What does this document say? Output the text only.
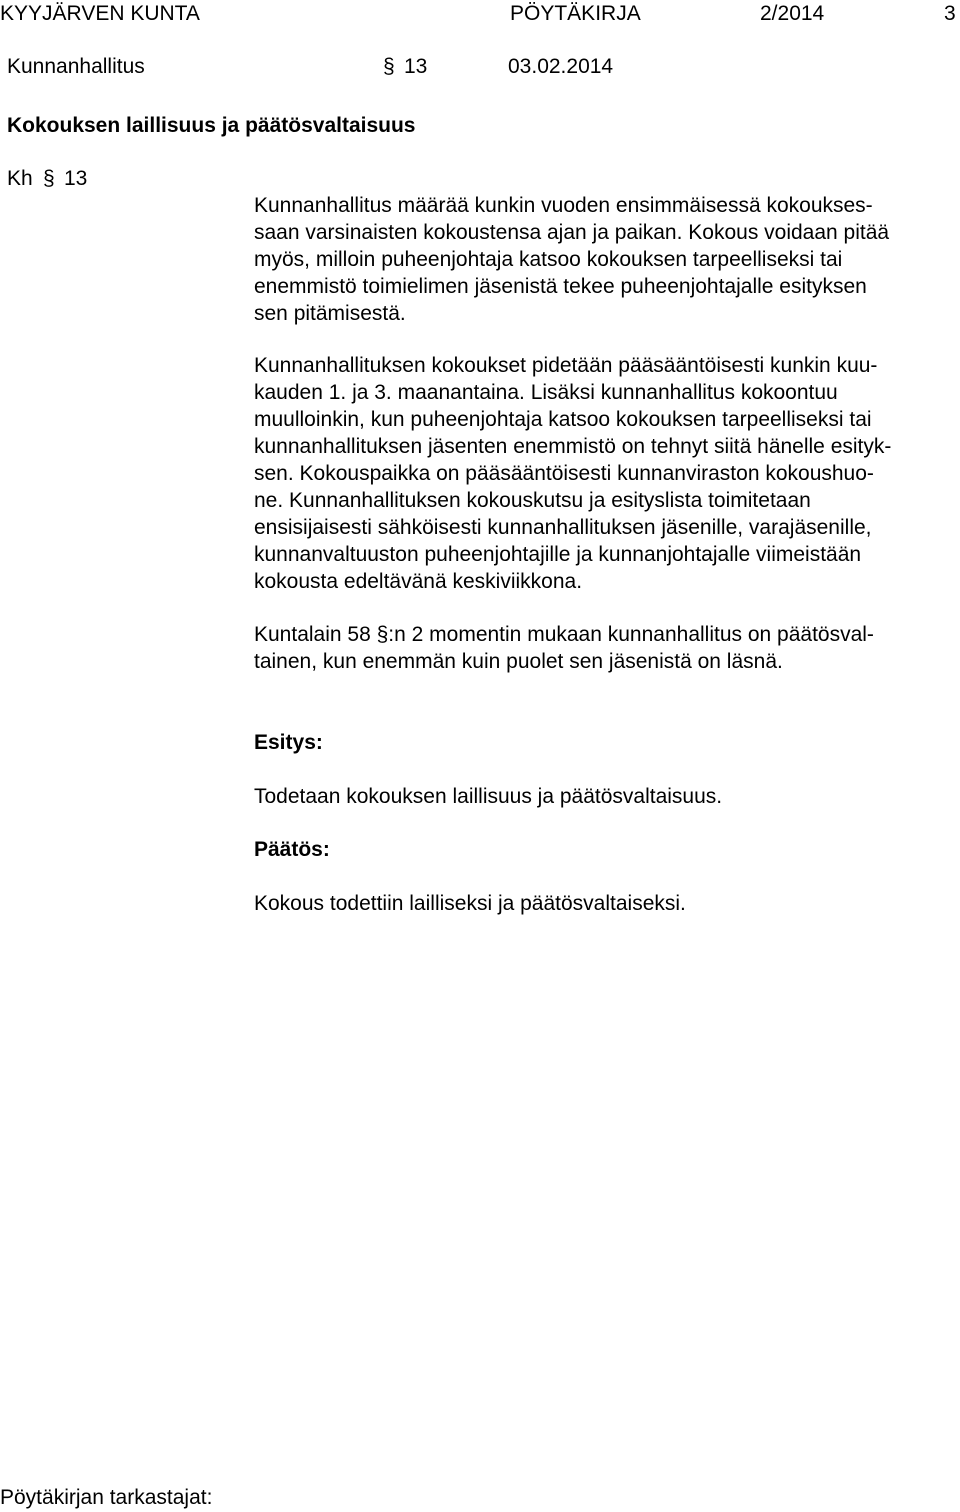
KYYJÄRVEN KUNTA	PÖYTÄKIRJA	2/2014	3
Kunnanhallitus	§ 13	03.02.2014
Kokouksen laillisuus ja päätösvaltaisuus
Kh § 13
Kunnanhallitus määrää kunkin vuoden ensimmäisessä kokoukses-
saan varsinaisten kokoustensa ajan ja paikan. Kokous voidaan pitää
myös, milloin puheenjohtaja katsoo kokouksen tarpeelliseksi tai
enemmistö toimielimen jäsenistä tekee puheenjohtajalle esityksen
sen pitämisestä.
Kunnanhallituksen kokoukset pidetään pääsääntöisesti kunkin kuu-
kauden 1. ja 3. maanantaina. Lisäksi kunnanhallitus kokoontuu
muulloinkin, kun puheenjohtaja katsoo kokouksen tarpeelliseksi tai
kunnanhallituksen jäsenten enemmistö on tehnyt siitä hänelle esityk-
sen. Kokouspaikka on pääsääntöisesti kunnanviraston kokoushuo-
ne. Kunnanhallituksen kokouskutsu ja esityslista toimitetaan
ensisijaisesti sähköisesti kunnanhallituksen jäsenille, varajäsenille,
kunnanvaltuuston puheenjohtajille ja kunnanjohtajalle viimeistään
kokousta edeltävänä keskiviikkona.
Kuntalain 58 §:n 2 momentin mukaan kunnanhallitus on päätösval-
tainen, kun enemmän kuin puolet sen jäsenistä on läsnä.
Esitys:
Todetaan kokouksen laillisuus ja päätösvaltaisuus.
Päätös:
Kokous todettiin lailliseksi ja päätösvaltaiseksi.
Pöytäkirjan tarkastajat:
